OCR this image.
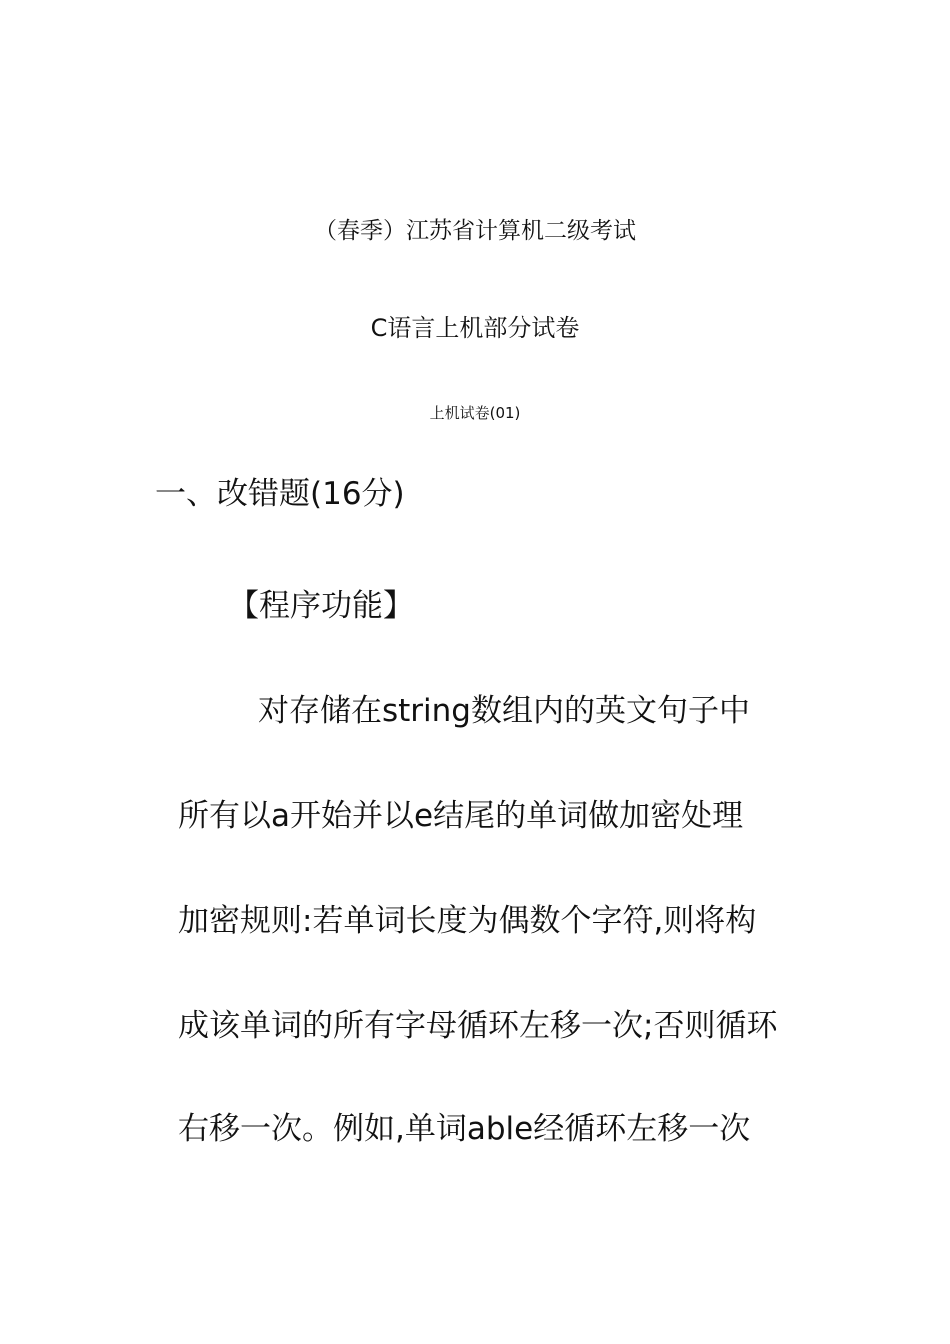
（春季）江苏省计算机二级考试
C语言上机部分试卷
上机试卷(01)
一、改错题(16分)
【程序功能】
对存储在string数组内的英文句子中
所有以a开始并以e结尾的单词做加密处理
加密规则:若单词长度为偶数个字符,则将构
成该单词的所有字母循环左移一次;否则循环
右移一次。例如,单词able经循环左移一次
